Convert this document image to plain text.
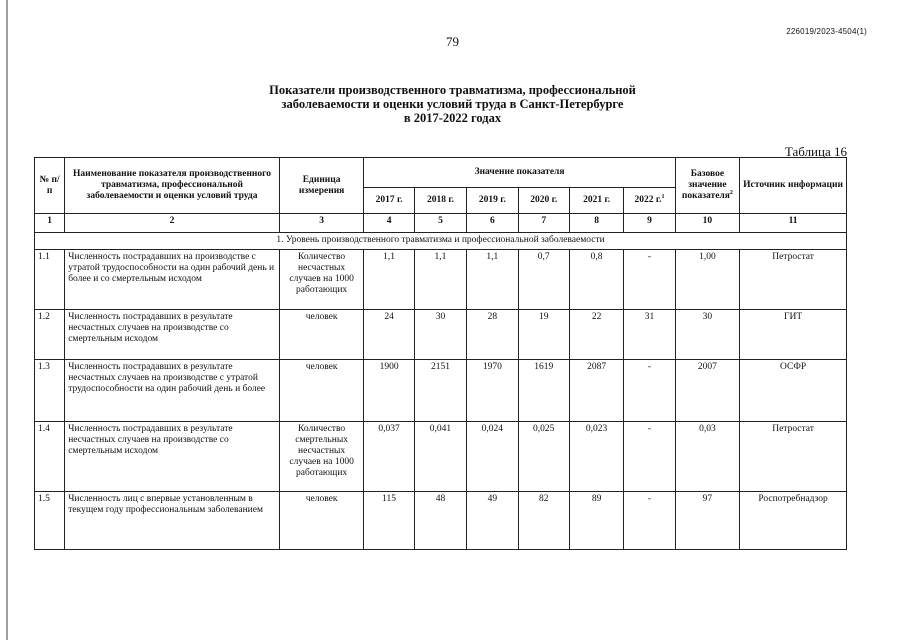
226019/2023-4504(1)
79
Показатели производственного травматизма, профессиональной
заболеваемости и оценки условий труда в Санкт-Петербурге
в 2017-2022 годах
Таблица 16
№ п/п	Наименование показателя производственного травматизма, профессиональной заболеваемости и оценки условий труда	Единица измерения	Значение показателя						Базовое значение показателя$^2$	Источник информации
			2017 г.	2018 г.	2019 г.	2020 г.	2021 г.	2022 г.$^1$
1	2	3	4	5	6	7	8	9	10	11
1. Уровень производственного травматизма и профессиональной заболеваемости										
1.1	Численность пострадавших на производстве с утратой трудоспособности на один рабочий день и более и со смертельным исходом	Количество несчастных случаев на 1000 работающих	1,1	1,1	1,1	0,7	0,8	-	1,00	Петростат
1.2	Численность пострадавших в результате несчастных случаев на производстве со смертельным исходом	человек	24	30	28	19	22	31	30	ГИТ
1.3	Численность пострадавших в результате несчастных случаев на производстве с утратой трудоспособности на один рабочий день и более	человек	1900	2151	1970	1619	2087	-	2007	ОСФР
1.4	Численность пострадавших в результате несчастных случаев на производстве со смертельным исходом	Количество смертельных несчастных случаев на 1000 работающих	0,037	0,041	0,024	0,025	0,023	-	0,03	Петростат
1.5	Численность лиц с впервые установленным в текущем году профессиональным заболеванием	человек	115	48	49	82	89	-	97	Роспотребнадзор
